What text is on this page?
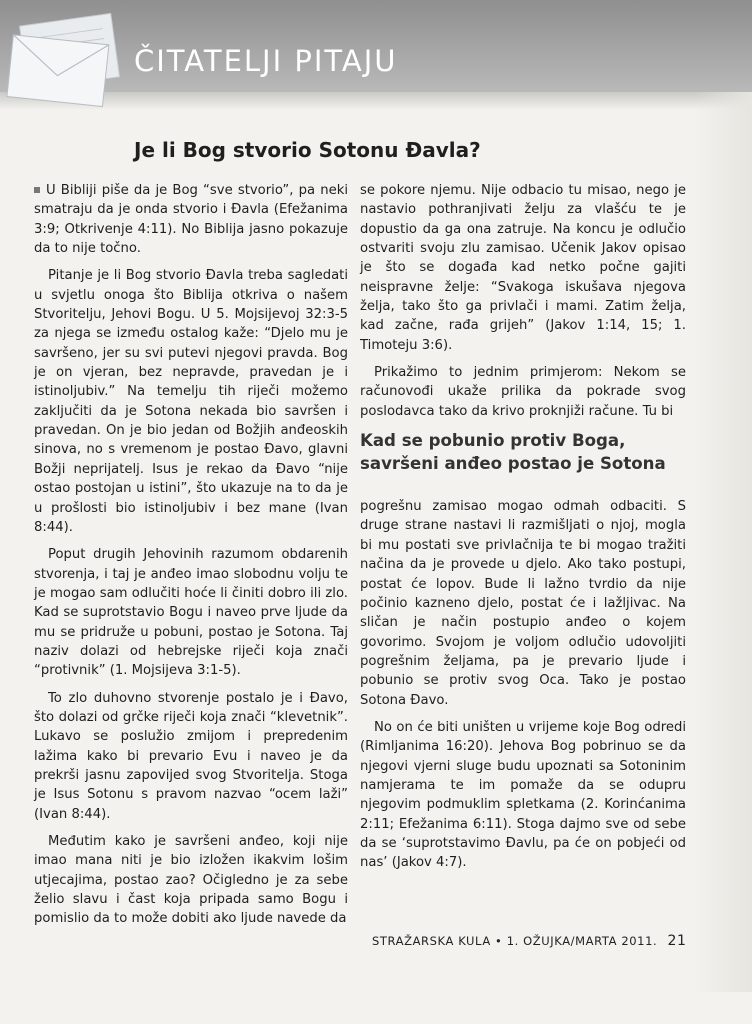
ČITATELJI PITAJU
Je li Bog stvorio Sotonu Đavla?

U Bibliji piše da je Bog “sve stvorio”, pa neki smatraju da je onda stvorio i Đavla (Efežanima 3:9; Otkrivenje 4:11). No Biblija jasno pokazuje da to nije točno.

Pitanje je li Bog stvorio Đavla treba sagledati u svjetlu onoga što Biblija otkriva o našem Stvoritelju, Jehovi Bogu. U 5. Mojsijevoj 32:3-5 za njega se između ostalog kaže: “Djelo mu je savršeno, jer su svi putevi njegovi pravda. Bog je on vjeran, bez nepravde, pravedan je i istinoljubiv.” Na temelju tih riječi možemo zaključiti da je Sotona nekada bio savršen i pravedan. On je bio jedan od Božjih anđeoskih sinova, no s vremenom je postao Đavo, glavni Božji neprijatelj. Isus je rekao da Đavo “nije ostao postojan u istini”, što ukazuje na to da je u prošlosti bio istinoljubiv i bez mane (Ivan 8:44).

Poput drugih Jehovinih razumom obdarenih stvorenja, i taj je anđeo imao slobodnu volju te je mogao sam odlučiti hoće li činiti dobro ili zlo. Kad se suprotstavio Bogu i naveo prve ljude da mu se pridruže u pobuni, postao je Sotona. Taj naziv dolazi od hebrejske riječi koja znači “protivnik” (1. Mojsijeva 3:1-5).

To zlo duhovno stvorenje postalo je i Đavo, što dolazi od grčke riječi koja znači “klevetnik”. Lukavo se poslužio zmijom i prepredenim lažima kako bi prevario Evu i naveo je da prekrši jasnu zapovijed svog Stvoritelja. Stoga je Isus Sotonu s pravom nazvao “ocem laži” (Ivan 8:44).

Međutim kako je savršeni anđeo, koji nije imao mana niti je bio izložen ikakvim lošim utjecajima, postao zao? Očigledno je za sebe želio slavu i čast koja pripada samo Bogu i pomislio da to može dobiti ako ljude navede da

se pokore njemu. Nije odbacio tu misao, nego je nastavio pothranjivati želju za vlašću te je dopustio da ga ona zatruje. Na koncu je odlučio ostvariti svoju zlu zamisao. Učenik Jakov opisao je što se događa kad netko počne gajiti neispravne želje: “Svakoga iskušava njegova želja, tako što ga privlači i mami. Zatim želja, kad začne, rađa grijeh” (Jakov 1:14, 15; 1. Timoteju 3:6).

Prikažimo to jednim primjerom: Nekom se računovođi ukaže prilika da pokrade svog poslodavca tako da krivo proknjiži račune. Tu bi

Kad se pobunio protiv Boga, savršeni anđeo postao je Sotona

pogrešnu zamisao mogao odmah odbaciti. S druge strane nastavi li razmišljati o njoj, mogla bi mu postati sve privlačnija te bi mogao tražiti načina da je provede u djelo. Ako tako postupi, postat će lopov. Bude li lažno tvrdio da nije počinio kazneno djelo, postat će i lažljivac. Na sličan je način postupio anđeo o kojem govorimo. Svojom je voljom odlučio udovoljiti pogrešnim željama, pa je prevario ljude i pobunio se protiv svog Oca. Tako je postao Sotona Đavo.

No on će biti uništen u vrijeme koje Bog odredi (Rimljanima 16:20). Jehova Bog pobrinuo se da njegovi vjerni sluge budu upoznati sa Sotoninim namjerama te im pomaže da se odupru njegovim podmuklim spletkama (2. Korinćanima 2:11; Efežanima 6:11). Stoga dajmo sve od sebe da se ‘suprotstavimo Đavlu, pa će on pobjeći od nas’ (Jakov 4:7).

STRAŽARSKA KULA • 1. OŽUJKA/MARTA 2011. 21
